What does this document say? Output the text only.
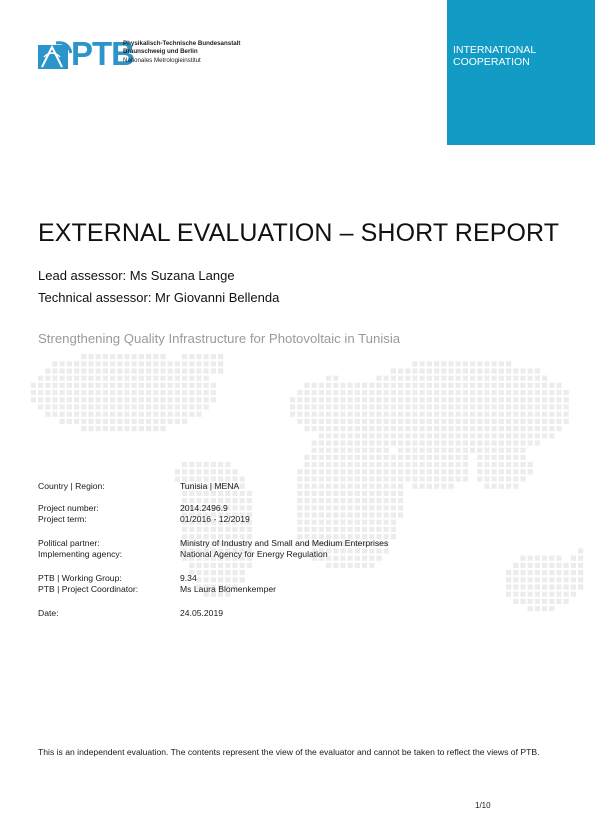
PTB
Physikalisch-Technische Bundesanstalt
Braunschweig und Berlin
Nationales Metrologieinstitut
INTERNATIONAL
COOPERATION
EXTERNAL EVALUATION – SHORT REPORT
Lead assessor: Ms Suzana Lange
Technical assessor: Mr Giovanni Bellenda
Strengthening Quality Infrastructure for Photovoltaic in Tunisia
Country | Region:	Tunisia | MENA
Project number:	2014.2496.9
Project term:	01/2016 - 12/2019
Political partner:	Ministry of Industry and Small and Medium Enterprises
Implementing agency:	National Agency for Energy Regulation
PTB | Working Group:	9.34
PTB | Project Coordinator:	Ms Laura Blomenkemper
Date:	24.05.2019
This is an independent evaluation. The contents represent the view of the evaluator and cannot be taken to reflect the views of PTB.
1/10
